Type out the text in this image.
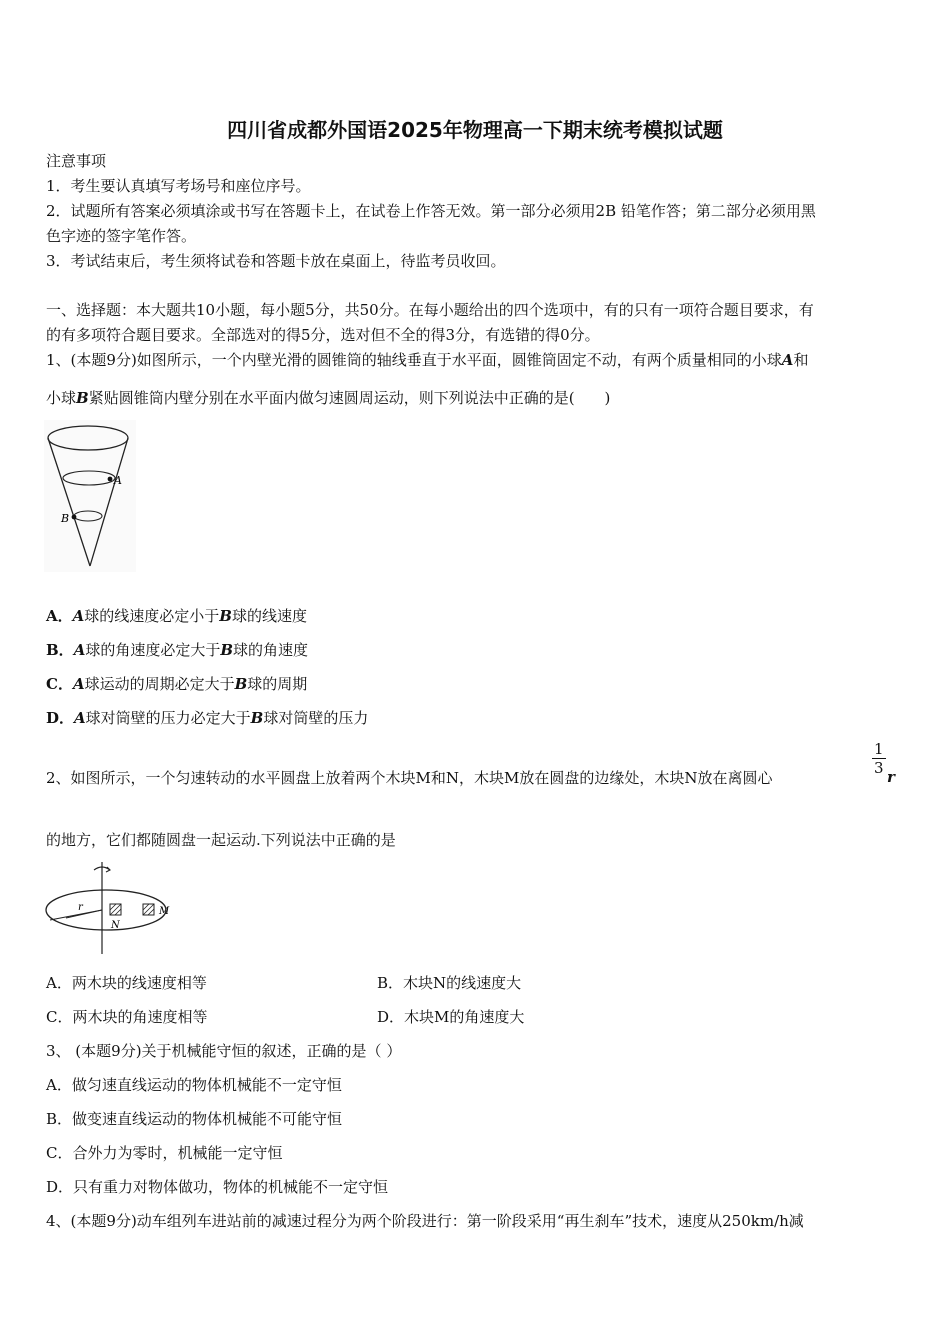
四川省成都外国语2025年物理高一下期末统考模拟试题
注意事项
1．考生要认真填写考场号和座位序号。
2．试题所有答案必须填涂或书写在答题卡上，在试卷上作答无效。第一部分必须用2B 铅笔作答；第二部分必须用黑
色字迹的签字笔作答。
3．考试结束后，考生须将试卷和答题卡放在桌面上，待监考员收回。
一、选择题：本大题共10小题，每小题5分，共50分。在每小题给出的四个选项中，有的只有一项符合题目要求，有
的有多项符合题目要求。全部选对的得5分，选对但不全的得3分，有选错的得0分。
1、(本题9分)如图所示，一个内壁光滑的圆锥筒的轴线垂直于水平面，圆锥筒固定不动，有两个质量相同的小球A和
小球B紧贴圆锥筒内壁分别在水平面内做匀速圆周运动，则下列说法中正确的是(　　)
A
B
A．A球的线速度必定小于B球的线速度
B．A球的角速度必定大于B球的角速度
C．A球运动的周期必定大于B球的周期
D．A球对筒壁的压力必定大于B球对筒壁的压力
2、如图所示，一个匀速转动的水平圆盘上放着两个木块M和N，木块M放在圆盘的边缘处，木块N放在离圆心
$\frac{1}{3}$ r
的地方，它们都随圆盘一起运动.下列说法中正确的是
r
N
M
A．两木块的线速度相等	B．木块N的线速度大
C．两木块的角速度相等	D．木块M的角速度大
3、 (本题9分)关于机械能守恒的叙述，正确的是（ ）
A．做匀速直线运动的物体机械能不一定守恒
B．做变速直线运动的物体机械能不可能守恒
C．合外力为零时，机械能一定守恒
D．只有重力对物体做功，物体的机械能不一定守恒
4、(本题9分)动车组列车进站前的减速过程分为两个阶段进行：第一阶段采用“再生刹车”技术，速度从250km/h减
